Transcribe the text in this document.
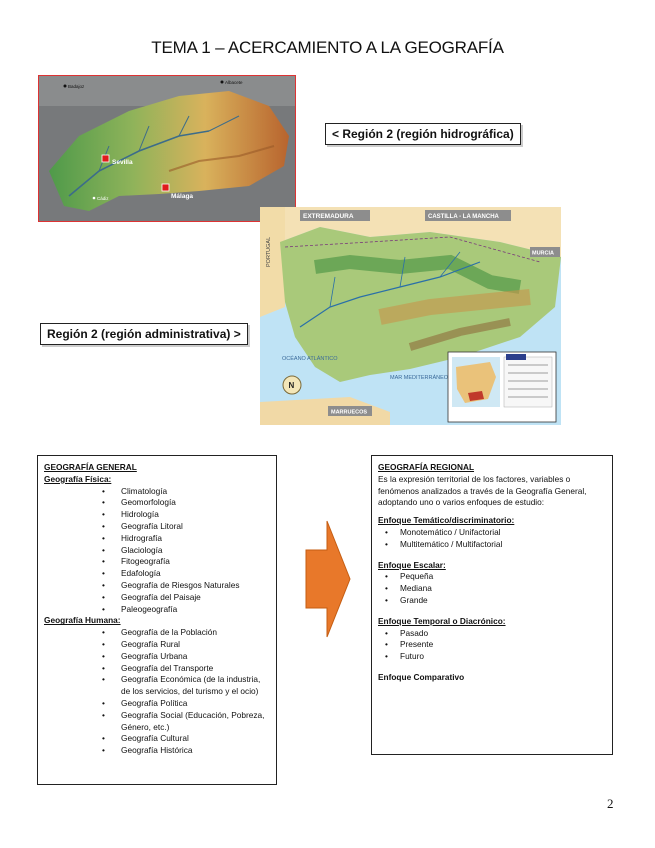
TEMA 1 – ACERCAMIENTO A LA GEOGRAFÍA
Sevilla
Málaga
Albacete
Badajoz
Cádiz
< Región 2 (región hidrográfica)
EXTREMADURA	CASTILLA - LA MANCHA
PORTUGAL	MURCIA
OCÉANO ATLÁNTICO
MAR MEDITERRÁNEO
MARRUECOS
N
Región 2 (región administrativa) >
GEOGRAFÍA GENERAL
Geografía Física:
• Climatología
• Geomorfología
• Hidrología
• Geografía Litoral
• Hidrografía
• Glaciología
• Fitogeografía
• Edafología
• Geografía de Riesgos Naturales
• Geografía del Paisaje
• Paleogeografía
Geografía Humana:
• Geografía de la Población
• Geografía Rural
• Geografía Urbana
• Geografía del Transporte
• Geografía Económica (de la industria, de los servicios, del turismo y el ocio)
• Geografía Política
• Geografía Social (Educación, Pobreza, Género, etc.)
• Geografía Cultural
• Geografía Histórica
GEOGRAFÍA REGIONAL

Es la expresión territorial de los factores, variables o fenómenos analizados a través de la Geografía General, adoptando uno o varios enfoques de estudio:

Enfoque Temático/discriminatorio:
• Monotemático / Unifactorial
• Multitemático / Multifactorial
Enfoque Escalar:
• Pequeña
• Mediana
• Grande
Enfoque Temporal o Diacrónico:
• Pasado
• Presente
• Futuro
Enfoque Comparativo
2
